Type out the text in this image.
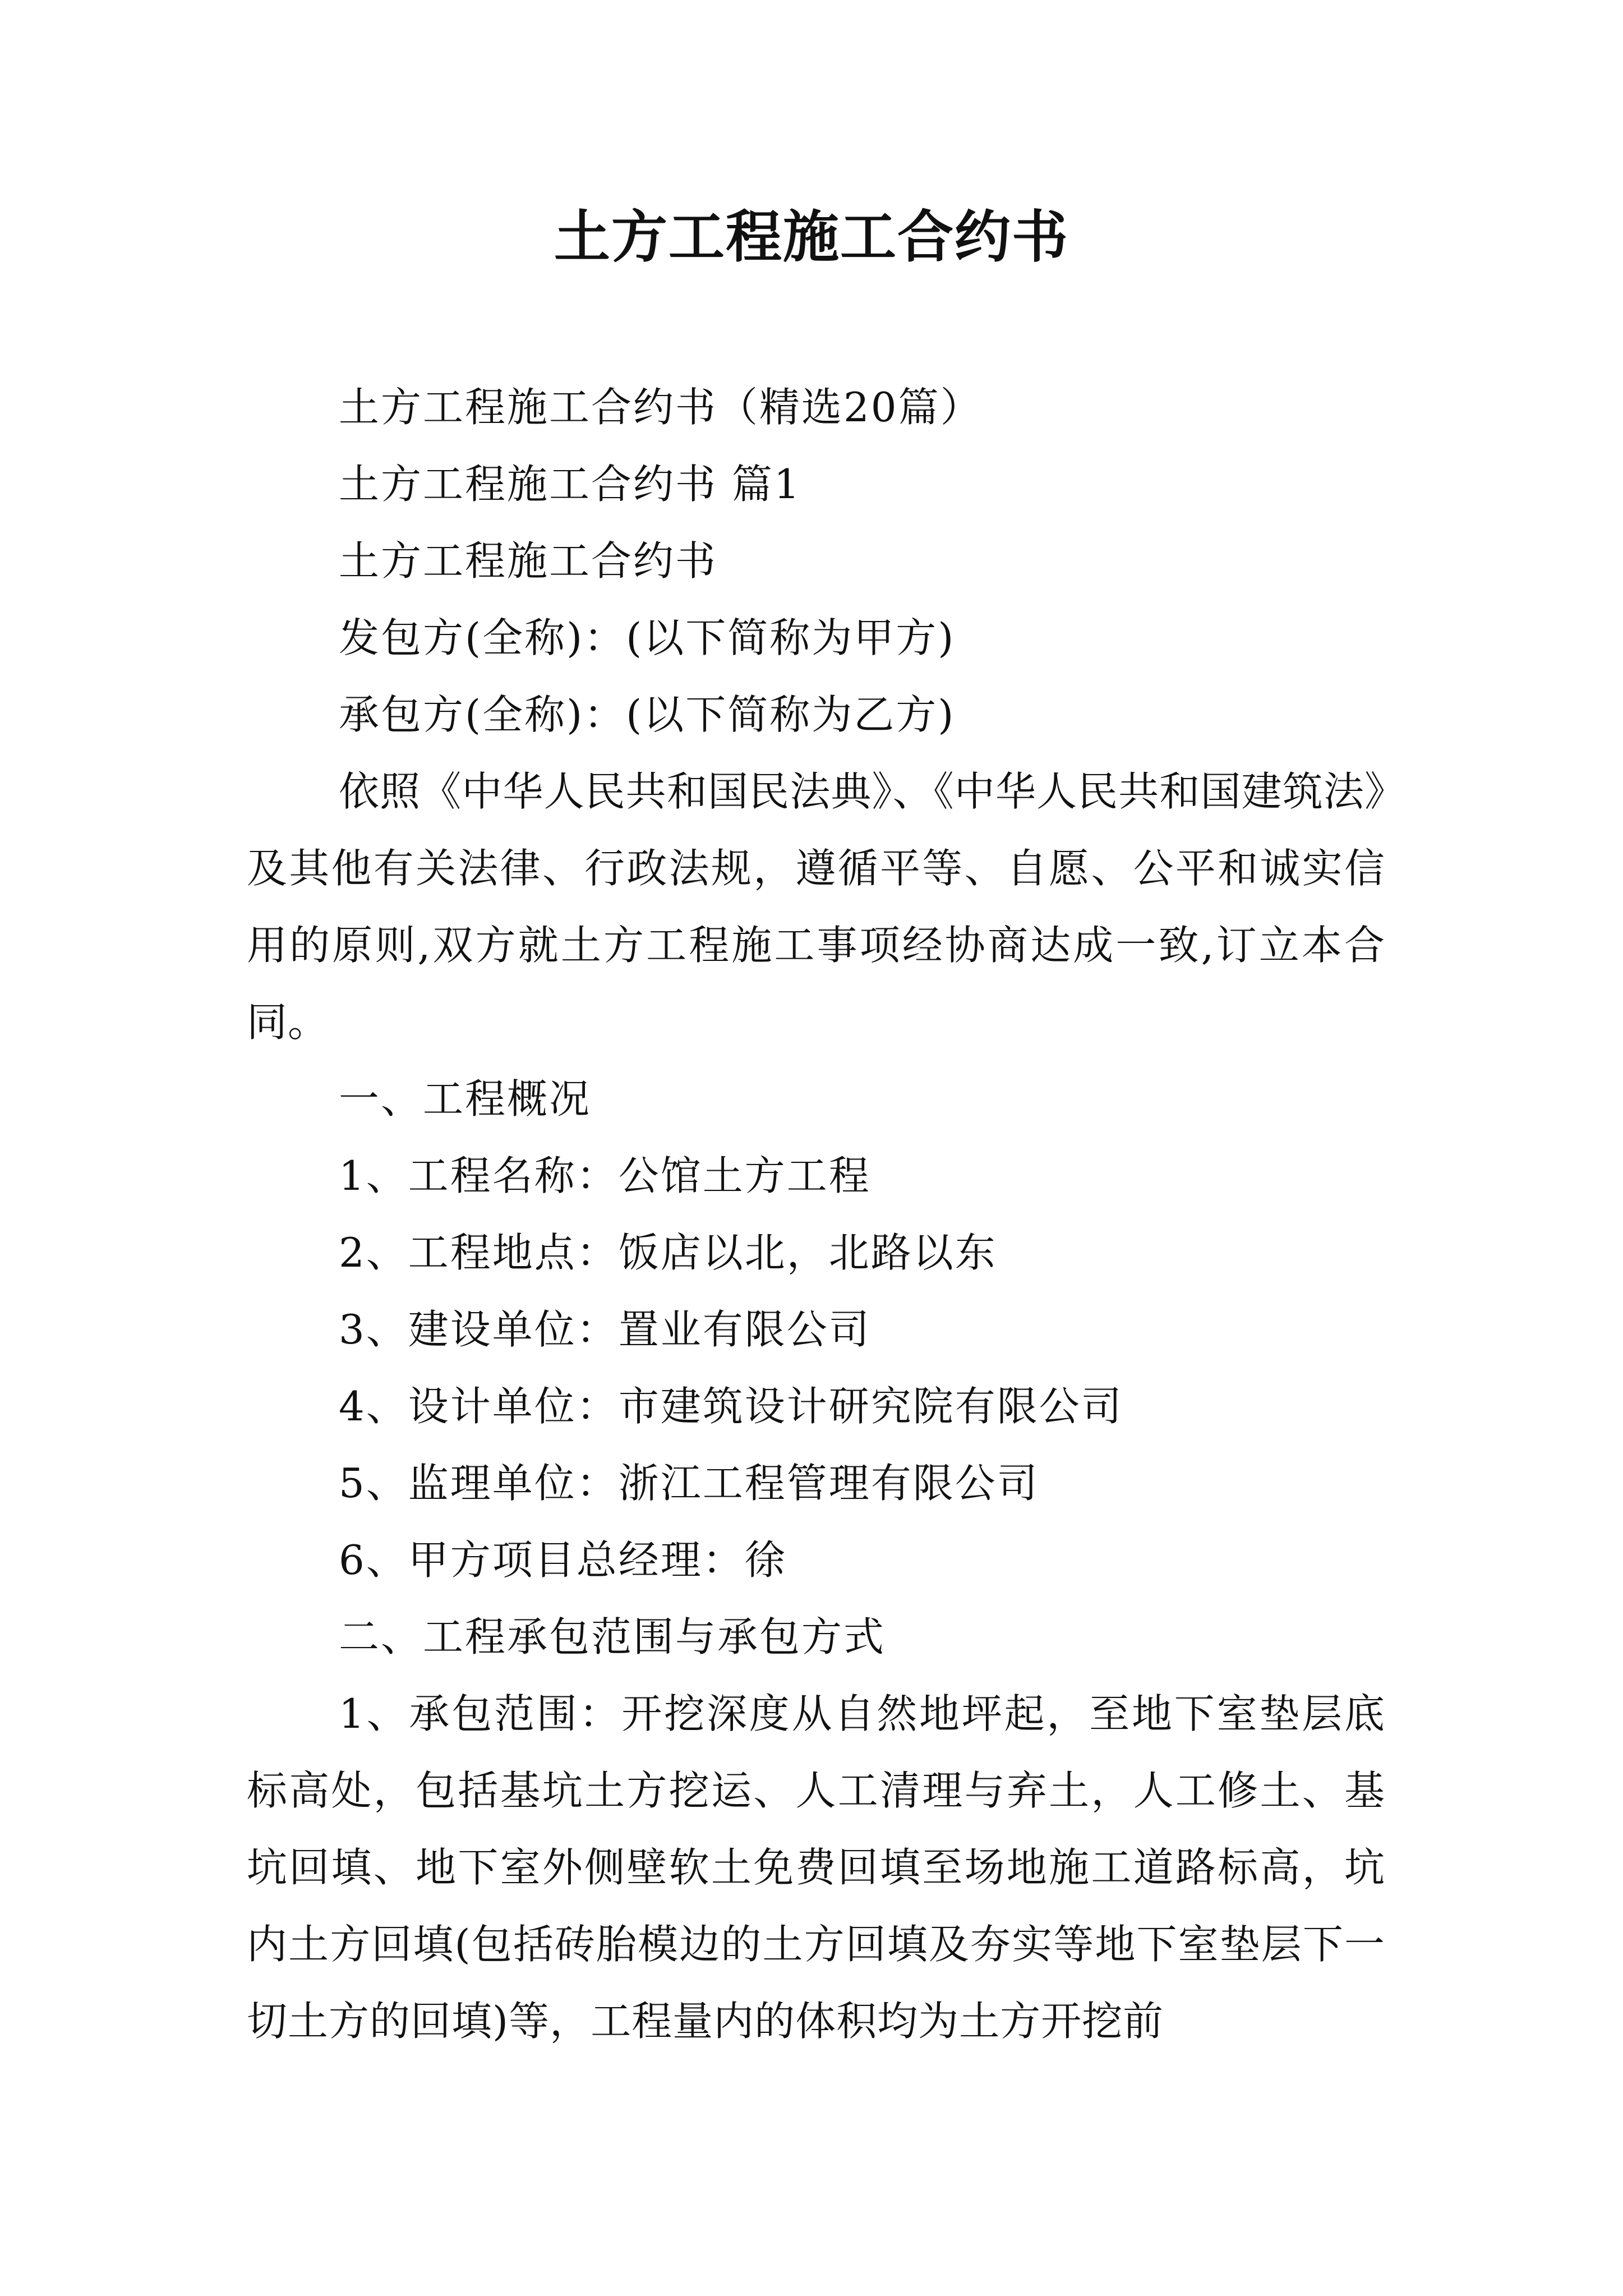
土方工程施工合约书

土方工程施工合约书（精选20篇）

土方工程施工合约书 篇1

土方工程施工合约书

发包方(全称)：(以下简称为甲方)

承包方(全称)：(以下简称为乙方)

依照《中华人民共和国民法典》、《中华人民共和国建筑法》及其他有关法律、行政法规，遵循平等、自愿、公平和诚实信用的原则,双方就土方工程施工事项经协商达成一致,订立本合同。

一、工程概况

1、工程名称：公馆土方工程

2、工程地点：饭店以北，北路以东

3、建设单位：置业有限公司

4、设计单位：市建筑设计研究院有限公司

5、监理单位：浙江工程管理有限公司

6、甲方项目总经理：徐

二、工程承包范围与承包方式

1、承包范围：开挖深度从自然地坪起，至地下室垫层底标高处，包括基坑土方挖运、人工清理与弃土，人工修土、基坑回填、地下室外侧壁软土免费回填至场地施工道路标高，坑内土方回填(包括砖胎模边的土方回填及夯实等地下室垫层下一切土方的回填)等，工程量内的体积均为土方开挖前
